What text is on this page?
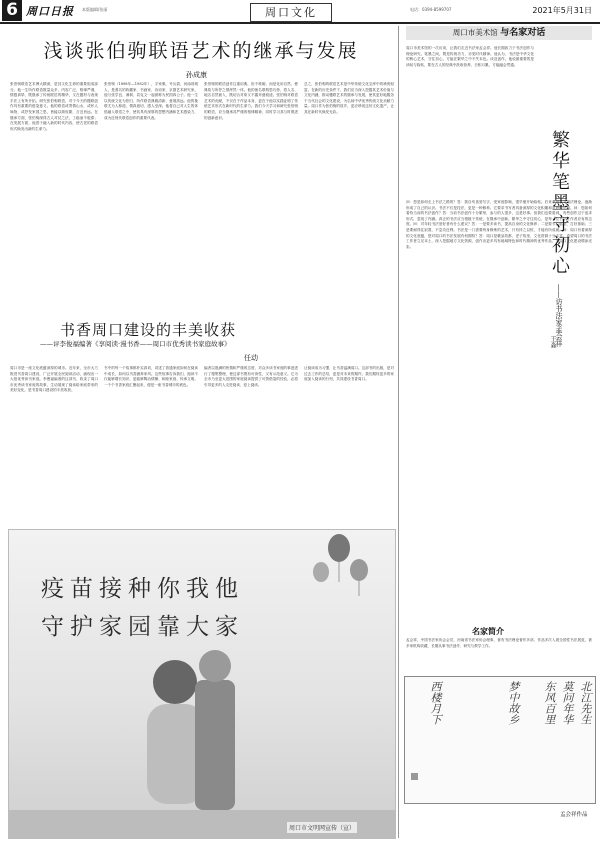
6 周口日报 本版编辑/张丽	周口文化	电话：0394-8599707	2021年5月31日
浅谈张伯驹联语艺术的继承与发展
孙成康
张伯驹联语艺术博大精深，是其文化生命的重要组成部分。他一生所作联语数量众多，内容广泛，格律严谨，情感真挚，既继承了传统联语的精华，又在题材与表现手法上有所开拓。研究张伯驹联语，对于今天的楹联创作具有重要的借鉴意义。他的联语或寄情山水，或怀人咏物，或抒发家国之思，皆能以简驭繁，言近旨远。在继承方面，张伯驹深得古人对仗之法，工稳而不板滞；在发展方面，他善于融入新的时代内容，使古老的联语形式焕发出新的生命力。
张伯驹（1898年—1982年），字家骐，号丛碧，河南项城人，是著名的收藏家、书画家、诗词家、京剧艺术研究家。他与张学良、溥侗、袁克文一起被称为民国四公子。他一生以传统文化为依归，所作联语典雅清新，意境高远。他的挽联尤为人称道，情真意切，感人至深。他将自己对人生的体悟融入联语之中，使其具有深厚的思想内涵和艺术感染力，成为近现代联语创作的重要代表。
张伯驹的联语创作注重用典，但不堆砌，而是化用自然，使典故与所抒之情浑然一体。他的嵌名联构思巧妙，将人名、地名自然嵌入，既切合对象又不露斧凿痕迹。张伯驹对联语艺术的贡献，不仅在于作品本身，更在于他以实践证明了传统艺术形式在新时代的生命力。我们今天学习和研究张伯驹的联语，应当继承其严谨的格律精神，同时学习其与时俱进的创新意识。
总之，张伯驹的联语艺术是中华传统文化宝库中的珍贵财富。在新的历史条件下，我们应当深入挖掘其艺术价值与文化内涵，推动楹联艺术的继承与发展，使其更好地服务于当代社会的文化建设，为弘扬中华优秀传统文化贡献力量。周口作为张伯驹的故乡，更应珍视这份文化遗产，让其在新时代焕发光彩。
书香周口建设的丰美收获
——评李俊福编著《享阅读·漫书香——周口市优秀读书家庭故事》
任动
周口市是一座文化底蕴深厚的城市。近年来，全市大力推进书香周口建设，广泛开展全民阅读活动，涌现出一大批优秀读书家庭。李俊福编著的这部书，收录了周口市优秀读书家庭的故事，生动展现了阅读给家庭带来的美好变化，是书香周口建设的丰美收获。
书中的每一个故事都朴实真切，讲述了普通家庭如何在阅读中成长，如何以书香涵养家风。这些故事告诉我们，阅读不仅能够增长知识，更能够陶冶情操、和睦家庭、传承文明。一个个书香家庭汇聚起来，便是一座书香城市的底色。
编者以饱满的热情和严谨的态度，对众多读书家庭的事迹进行了搜集整理，使这部书既有可读性，又有示范意义。它为全市乃至更大范围的家庭阅读提供了可资借鉴的经验，必将引导更多的人走进阅读、爱上阅读。
让阅读成为习惯，让书香溢满周口。这部书的出版，是对过去工作的总结，更是对未来的期许。我们期待更多的家庭加入阅读的行列，共同建设书香周口。
疫苗接种你我他
守护家园靠大家
周口市文明网宣传（宣）
周口市美术馆 与名家对话
周口市美术馆的一次访谈，让我们走近书法家孟会祥。他长期致力于书法创作与理论研究，笔墨之间，既见传统功力，亦见时代精神。他认为，书法是中华文化的核心艺术，守住初心，方能在繁华之中不失本色。谈及创作，他说最重要的是读帖与临帖，要在古人的经典中汲取营养，日积月累，方能融会贯通。
繁华笔墨守初心
——访书法家孟会祥
王淼
问：您是如何走上书法之路的？答：我自幼喜爱写字，受家庭影响，很早便开始临帖。后来系统学习书法理论，逐渐形成了自己的认识。书法不仅是技法，更是一种修养。它要求书写者具备深厚的文化积累和高尚的品格。问：您如何看待当前的书法创作？答：当前书法创作十分繁荣，参与的人很多，这是好事。但我们也要看到，有些创作过于追求形式，忽视了内涵。真正的书法应当根植于传统，在继承中创新。繁华之中守住初心，是每一位书法工作者应有的态度。问：对年轻书法爱好者有什么建议？答：一是要多读书，提高自身的文化修养；二是要专心临帖，打好基础；三是要耐得住寂寞，不急功近利。书法是一门需要终身修炼的艺术，只有持之以恒，才能有所成就。问：周口有着深厚的文化底蕴，您对周口的书法发展有何期待？答：周口是羲皇故都、老子故里，文化资源十分丰富。希望周口的书法工作者立足本土，深入挖掘地方文化资源，创作出更多具有地域特色和时代精神的优秀作品，为周口文化建设增添光彩。
名家简介
孟会祥，中国书法家协会会员，河南省书法家协会理事，著有书法理论著作多部，作品多次入展全国性书法展览，被多家机构收藏，长期从事书法创作、研究与教学工作。
北江先生
莫问年华
东风百里
梦中故乡
西楼月下
孟会祥作品
